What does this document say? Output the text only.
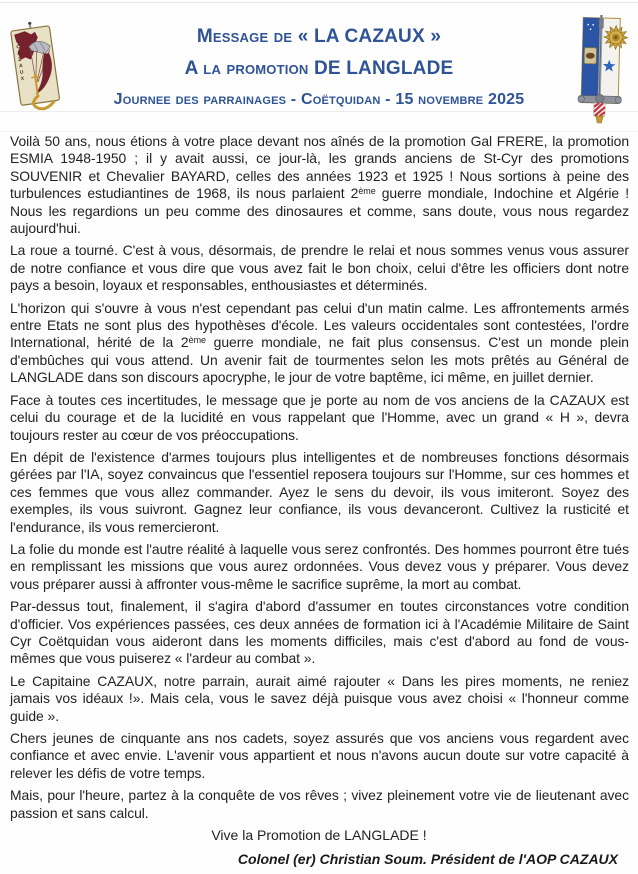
CAZAUX
Message de « LA CAZAUX »
A la promotion DE LANGLADE
Journee des parrainages - Coëtquidan - 15 novembre 2025

Voilà 50 ans, nous étions à votre place devant nos aînés de la promotion Gal FRERE, la promotion ESMIA 1948-1950 ; il y avait aussi, ce jour-là, les grands anciens de St-Cyr des promotions SOUVENIR et Chevalier BAYARD, celles des années 1923 et 1925 ! Nous sortions à peine des turbulences estudiantines de 1968, ils nous parlaient 2ème guerre mondiale, Indochine et Algérie ! Nous les regardions un peu comme des dinosaures et comme, sans doute, vous nous regardez aujourd'hui.

La roue a tourné. C'est à vous, désormais, de prendre le relai et nous sommes venus vous assurer de notre confiance et vous dire que vous avez fait le bon choix, celui d'être les officiers dont notre pays a besoin, loyaux et responsables, enthousiastes et déterminés.

L'horizon qui s'ouvre à vous n'est cependant pas celui d'un matin calme. Les affrontements armés entre Etats ne sont plus des hypothèses d'école. Les valeurs occidentales sont contestées, l'ordre International, hérité de la 2ème guerre mondiale, ne fait plus consensus. C'est un monde plein d'embûches qui vous attend. Un avenir fait de tourmentes selon les mots prêtés au Général de LANGLADE dans son discours apocryphe, le jour de votre baptême, ici même, en juillet dernier.

Face à toutes ces incertitudes, le message que je porte au nom de vos anciens de la CAZAUX est celui du courage et de la lucidité en vous rappelant que l'Homme, avec un grand « H », devra toujours rester au cœur de vos préoccupations.

En dépit de l'existence d'armes toujours plus intelligentes et de nombreuses fonctions désormais gérées par l'IA, soyez convaincus que l'essentiel reposera toujours sur l'Homme, sur ces hommes et ces femmes que vous allez commander. Ayez le sens du devoir, ils vous imiteront. Soyez des exemples, ils vous suivront. Gagnez leur confiance, ils vous devanceront. Cultivez la rusticité et l'endurance, ils vous remercieront.

La folie du monde est l'autre réalité à laquelle vous serez confrontés. Des hommes pourront être tués en remplissant les missions que vous aurez ordonnées. Vous devez vous y préparer. Vous devez vous préparer aussi à affronter vous-même le sacrifice suprême, la mort au combat.

Par-dessus tout, finalement, il s'agira d'abord d'assumer en toutes circonstances votre condition d'officier. Vos expériences passées, ces deux années de formation ici à l'Académie Militaire de Saint Cyr Coëtquidan vous aideront dans les moments difficiles, mais c'est d'abord au fond de vous-mêmes que vous puiserez « l'ardeur au combat ».

Le Capitaine CAZAUX, notre parrain, aurait aimé rajouter « Dans les pires moments, ne reniez jamais vos idéaux !». Mais cela, vous le savez déjà puisque vous avez choisi « l'honneur comme guide ».

Chers jeunes de cinquante ans nos cadets, soyez assurés que vos anciens vous regardent avec confiance et avec envie. L'avenir vous appartient et nous n'avons aucun doute sur votre capacité à relever les défis de votre temps.

Mais, pour l'heure, partez à la conquête de vos rêves ; vivez pleinement votre vie de lieutenant avec passion et sans calcul.

Vive la Promotion de LANGLADE !

Colonel (er) Christian Soum. Président de l'AOP CAZAUX
